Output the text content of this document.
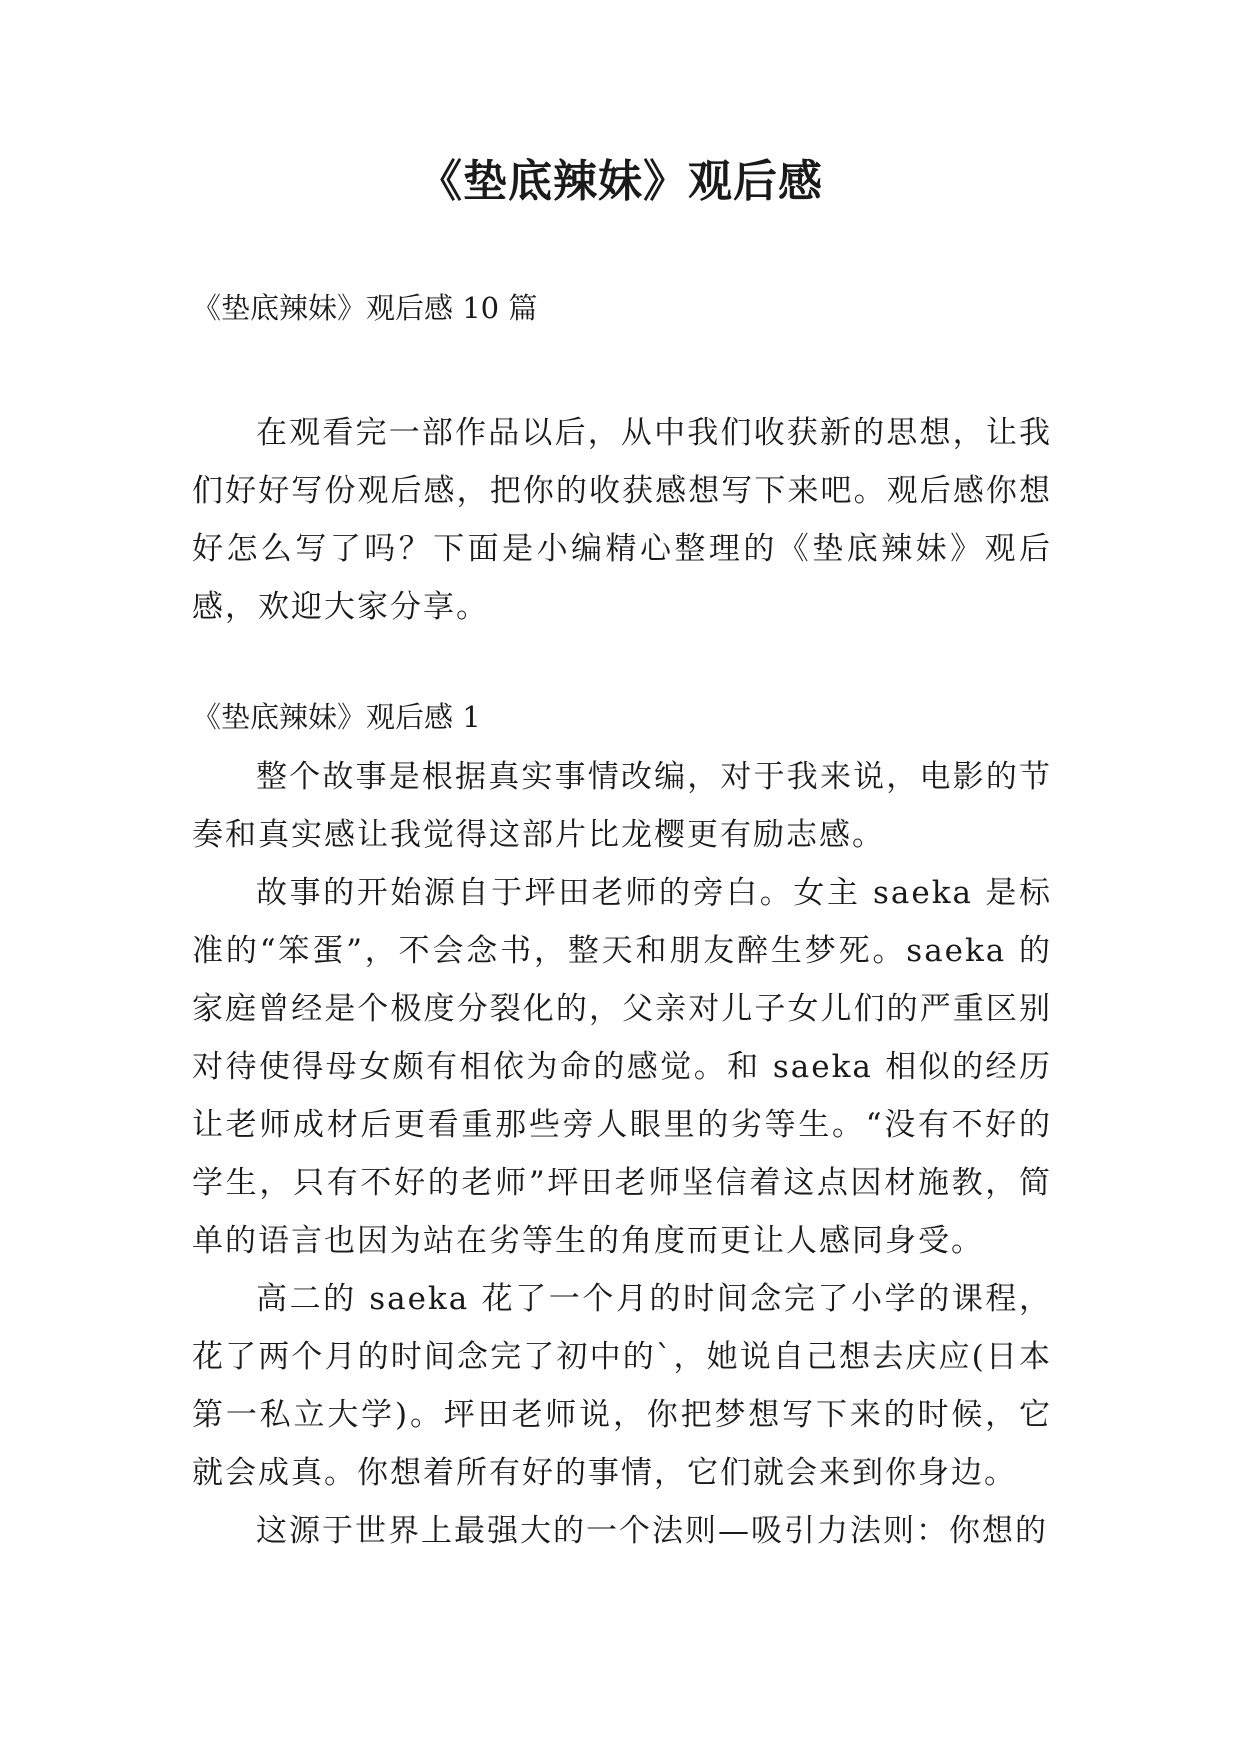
《垫底辣妹》观后感

《垫底辣妹》观后感 10 篇

在观看完一部作品以后，从中我们收获新的思想，让我们好好写份观后感，把你的收获感想写下来吧。观后感你想好怎么写了吗？下面是小编精心整理的《垫底辣妹》观后感，欢迎大家分享。

《垫底辣妹》观后感 1

整个故事是根据真实事情改编，对于我来说，电影的节奏和真实感让我觉得这部片比龙樱更有励志感。

故事的开始源自于坪田老师的旁白。女主 saeka 是标准的“笨蛋”，不会念书，整天和朋友醉生梦死。saeka 的家庭曾经是个极度分裂化的，父亲对儿子女儿们的严重区别对待使得母女颇有相依为命的感觉。和 saeka 相似的经历让老师成材后更看重那些旁人眼里的劣等生。“没有不好的学生，只有不好的老师”坪田老师坚信着这点因材施教，简单的语言也因为站在劣等生的角度而更让人感同身受。

高二的 saeka 花了一个月的时间念完了小学的课程，花了两个月的时间念完了初中的`，她说自己想去庆应(日本第一私立大学)。坪田老师说，你把梦想写下来的时候，它就会成真。你想着所有好的事情，它们就会来到你身边。

这源于世界上最强大的一个法则—吸引力法则：你想的
